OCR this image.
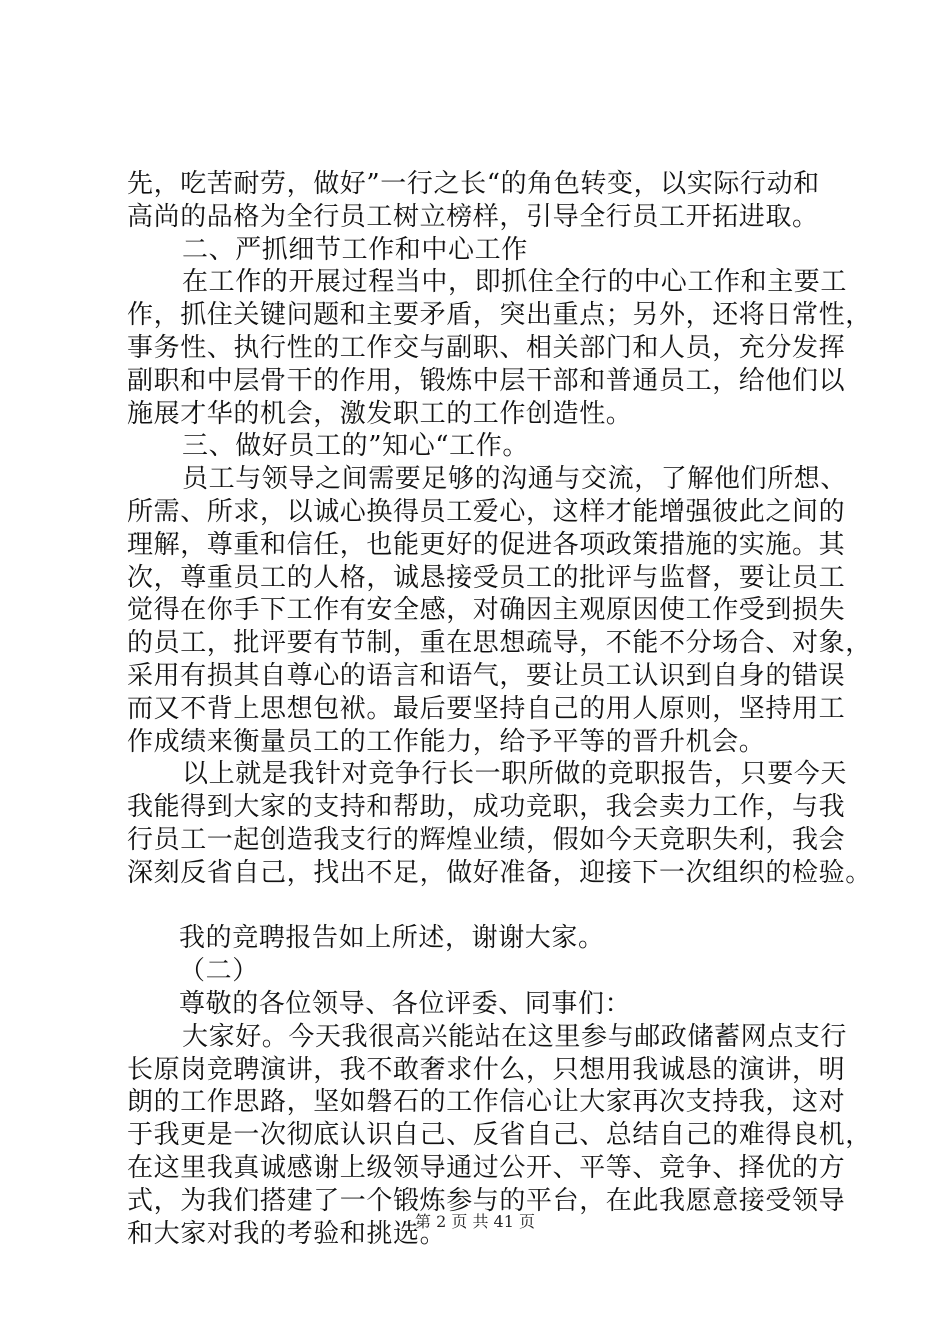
先，吃苦耐劳，做好”一行之长“的角色转变，以实际行动和
高尚的品格为全行员工树立榜样，引导全行员工开拓进取。
二、严抓细节工作和中心工作
在工作的开展过程当中，即抓住全行的中心工作和主要工
作，抓住关键问题和主要矛盾，突出重点；另外，还将日常性，
事务性、执行性的工作交与副职、相关部门和人员，充分发挥
副职和中层骨干的作用，锻炼中层干部和普通员工，给他们以
施展才华的机会，激发职工的工作创造性。
三、做好员工的”知心“工作。
员工与领导之间需要足够的沟通与交流，了解他们所想、
所需、所求，以诚心换得员工爱心，这样才能增强彼此之间的
理解，尊重和信任，也能更好的促进各项政策措施的实施。其
次，尊重员工的人格，诚恳接受员工的批评与监督，要让员工
觉得在你手下工作有安全感，对确因主观原因使工作受到损失
的员工，批评要有节制，重在思想疏导，不能不分场合、对象，
采用有损其自尊心的语言和语气，要让员工认识到自身的错误
而又不背上思想包袱。最后要坚持自己的用人原则，坚持用工
作成绩来衡量员工的工作能力，给予平等的晋升机会。
以上就是我针对竞争行长一职所做的竞职报告，只要今天
我能得到大家的支持和帮助，成功竞职，我会卖力工作，与我
行员工一起创造我支行的辉煌业绩，假如今天竞职失利，我会
深刻反省自己，找出不足，做好准备，迎接下一次组织的检验。
我的竞聘报告如上所述，谢谢大家。
（二）
尊敬的各位领导、各位评委、同事们：
大家好。今天我很高兴能站在这里参与邮政储蓄网点支行
长原岗竞聘演讲，我不敢奢求什么，只想用我诚恳的演讲，明
朗的工作思路，坚如磐石的工作信心让大家再次支持我，这对
于我更是一次彻底认识自己、反省自己、总结自己的难得良机，
在这里我真诚感谢上级领导通过公开、平等、竞争、择优的方
式，为我们搭建了一个锻炼参与的平台，在此我愿意接受领导
和大家对我的考验和挑选。
第 2 页 共 41 页
